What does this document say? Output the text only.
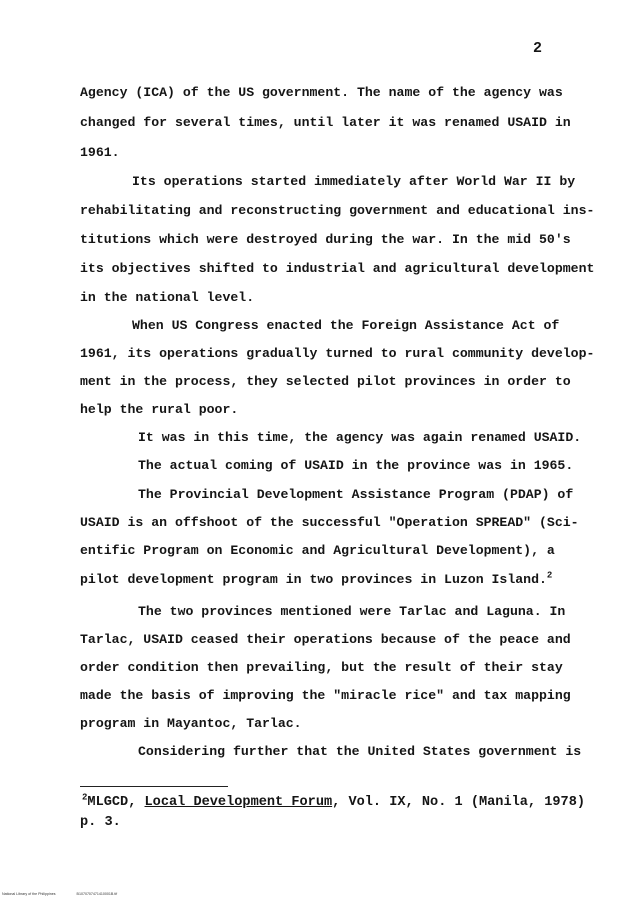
2
Agency (ICA) of the US government. The name of the agency was
changed for several times, until later it was renamed USAID in
1961.
Its operations started immediately after World War II by
rehabilitating and reconstructing government and educational ins-
titutions which were destroyed during the war. In the mid 50's
its objectives shifted to industrial and agricultural development
in the national level.
When US Congress enacted the Foreign Assistance Act of
1961, its operations gradually turned to rural community develop-
ment in the process, they selected pilot provinces in order to
help the rural poor.
It was in this time, the agency was again renamed USAID.
The actual coming of USAID in the province was in 1965.
The Provincial Development Assistance Program (PDAP) of
USAID is an offshoot of the successful "Operation SPREAD" (Sci-
entific Program on Economic and Agricultural Development), a
pilot development program in two provinces in Luzon Island.$^2$
The two provinces mentioned were Tarlac and Laguna. In
Tarlac, USAID ceased their operations because of the peace and
order condition then prevailing, but the result of their stay
made the basis of improving the "miracle rice" and tax mapping
program in Mayantoc, Tarlac.
Considering further that the United States government is
$^2$MLGCD, Local Development Forum, Vol. IX, No. 1 (Manila, 1978)
p. 3.
National Library of the Philippines	B1070707471410001B.tif
